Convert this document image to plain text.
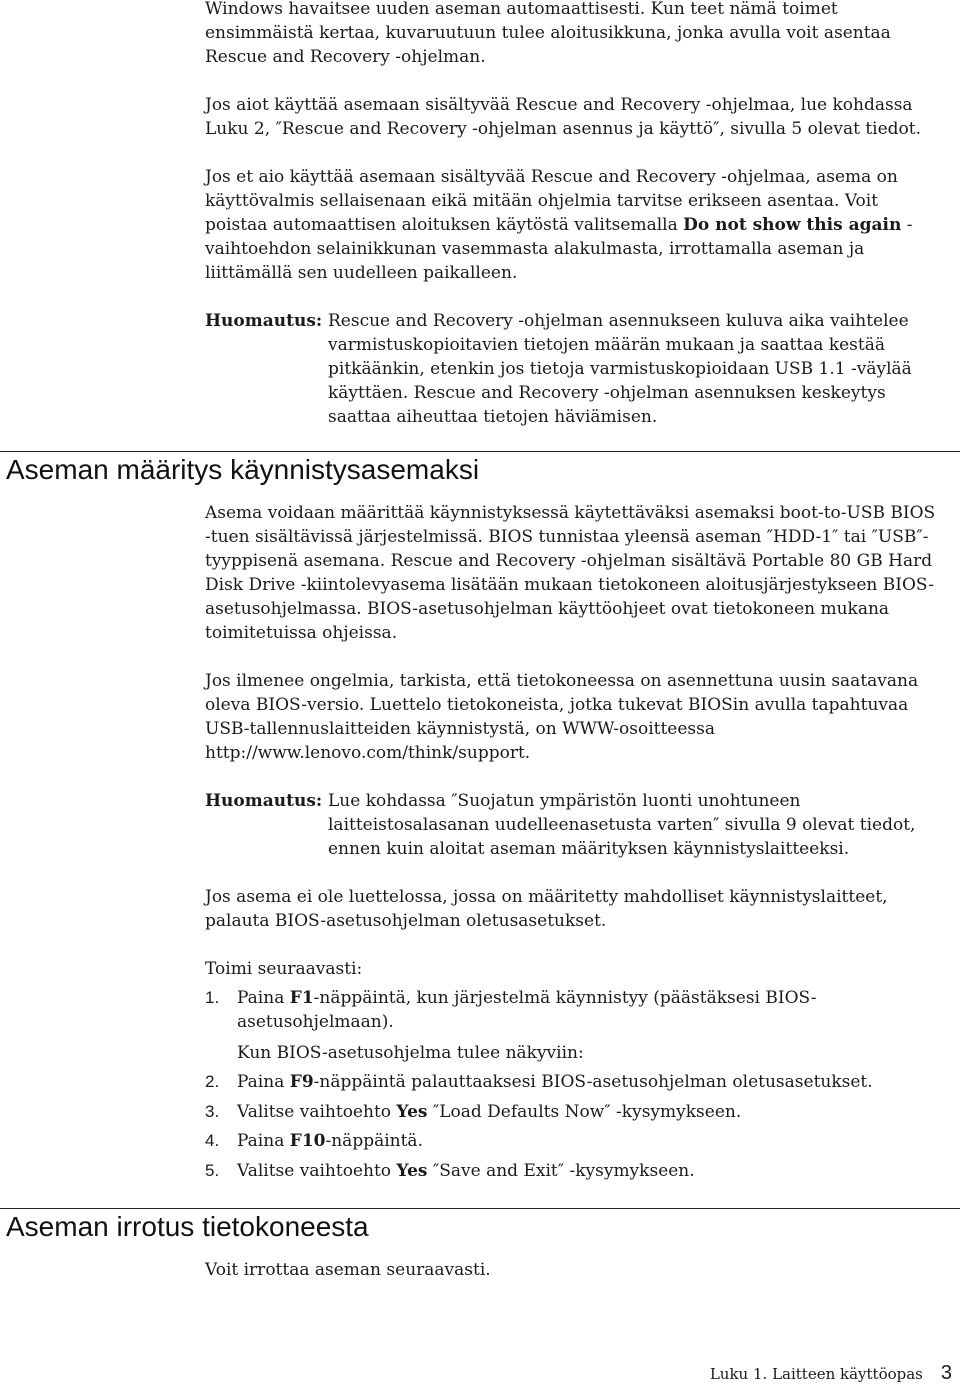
Windows havaitsee uuden aseman automaattisesti. Kun teet nämä toimet ensimmäistä kertaa, kuvaruutuun tulee aloitusikkuna, jonka avulla voit asentaa Rescue and Recovery -ohjelman.

Jos aiot käyttää asemaan sisältyvää Rescue and Recovery -ohjelmaa, lue kohdassa Luku 2, ″Rescue and Recovery -ohjelman asennus ja käyttö″, sivulla 5 olevat tiedot.

Jos et aio käyttää asemaan sisältyvää Rescue and Recovery -ohjelmaa, asema on käyttövalmis sellaisenaan eikä mitään ohjelmia tarvitse erikseen asentaa. Voit poistaa automaattisen aloituksen käytöstä valitsemalla Do not show this again -vaihtoehdon selainikkunan vasemmasta alakulmasta, irrottamalla aseman ja liittämällä sen uudelleen paikalleen.

Huomautus: Rescue and Recovery -ohjelman asennukseen kuluva aika vaihtelee varmistuskopioitavien tietojen määrän mukaan ja saattaa kestää pitkäänkin, etenkin jos tietoja varmistuskopioidaan USB 1.1 -väylää käyttäen. Rescue and Recovery -ohjelman asennuksen keskeytys saattaa aiheuttaa tietojen häviämisen.
Aseman määritys käynnistysasemaksi

Asema voidaan määrittää käynnistyksessä käytettäväksi asemaksi boot-to-USB BIOS -tuen sisältävissä järjestelmissä. BIOS tunnistaa yleensä aseman ″HDD-1″ tai ″USB″-tyyppisenä asemana. Rescue and Recovery -ohjelman sisältävä Portable 80 GB Hard Disk Drive -kiintolevyasema lisätään mukaan tietokoneen aloitusjärjestykseen BIOS-asetusohjelmassa. BIOS-asetusohjelman käyttöohjeet ovat tietokoneen mukana toimitetuissa ohjeissa.

Jos ilmenee ongelmia, tarkista, että tietokoneessa on asennettuna uusin saatavana oleva BIOS-versio. Luettelo tietokoneista, jotka tukevat BIOSin avulla tapahtuvaa USB-tallennuslaitteiden käynnistystä, on WWW-osoitteessa http://www.lenovo.com/think/support.

Huomautus: Lue kohdassa ″Suojatun ympäristön luonti unohtuneen laitteistosalasanan uudelleenasetusta varten″ sivulla 9 olevat tiedot, ennen kuin aloitat aseman määrityksen käynnistyslaitteeksi.

Jos asema ei ole luettelossa, jossa on määritetty mahdolliset käynnistyslaitteet, palauta BIOS-asetusohjelman oletusasetukset.

Toimi seuraavasti:

1. Paina F1-näppäintä, kun järjestelmä käynnistyy (päästäksesi BIOS-asetusohjelmaan).
Kun BIOS-asetusohjelma tulee näkyviin:
2. Paina F9-näppäintä palauttaaksesi BIOS-asetusohjelman oletusasetukset.
3. Valitse vaihtoehto Yes ″Load Defaults Now″ -kysymykseen.
4. Paina F10-näppäintä.
5. Valitse vaihtoehto Yes ″Save and Exit″ -kysymykseen.
Aseman irrotus tietokoneesta

Voit irrottaa aseman seuraavasti.

Luku 1. Laitteen käyttöopas 3
